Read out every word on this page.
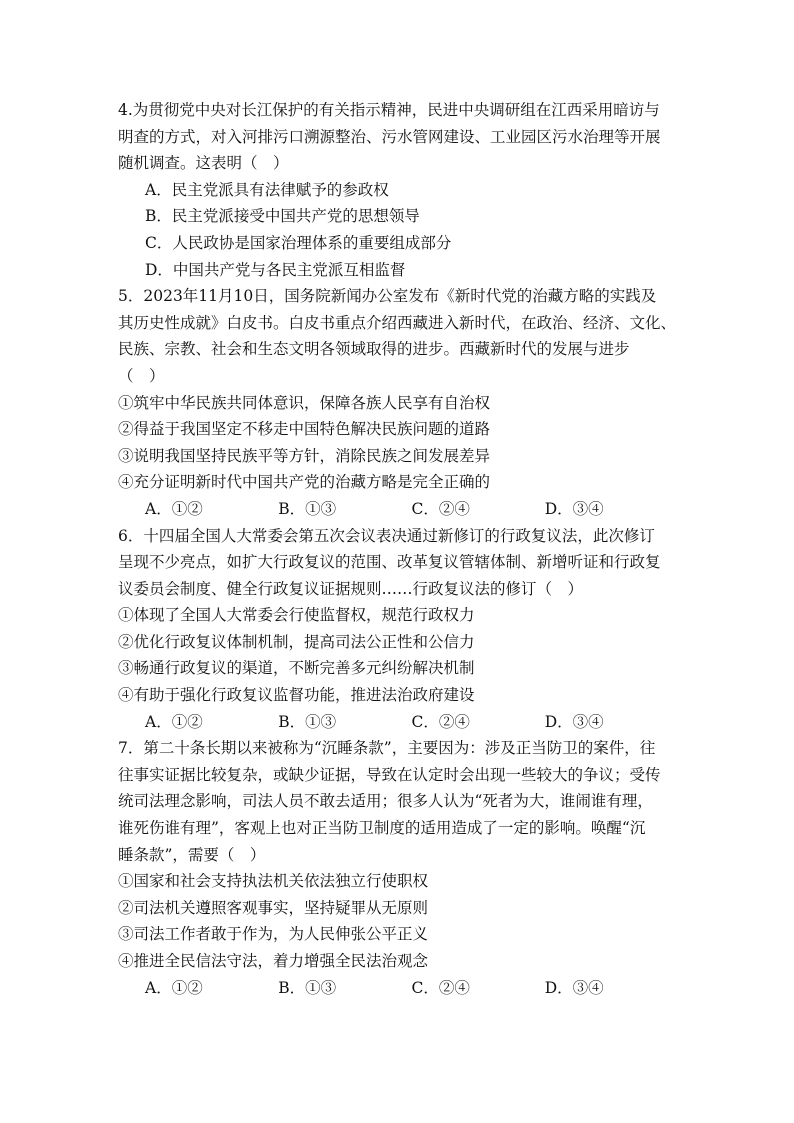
4.为贯彻党中央对长江保护的有关指示精神，民进中央调研组在江西采用暗访与

明查的方式，对入河排污口溯源整治、污水管网建设、工业园区污水治理等开展

随机调查。这表明（　）

A．民主党派具有法律赋予的参政权

B．民主党派接受中国共产党的思想领导

C．人民政协是国家治理体系的重要组成部分

D．中国共产党与各民主党派互相监督

5．2023年11月10日，国务院新闻办公室发布《新时代党的治藏方略的实践及

其历史性成就》白皮书。白皮书重点介绍西藏进入新时代，在政治、经济、文化、

民族、宗教、社会和生态文明各领域取得的进步。西藏新时代的发展与进步

（　）

①筑牢中华民族共同体意识，保障各族人民享有自治权

②得益于我国坚定不移走中国特色解决民族问题的道路

③说明我国坚持民族平等方针，消除民族之间发展差异

④充分证明新时代中国共产党的治藏方略是完全正确的

A．①②	B．①③	C．②④	D．③④

6．十四届全国人大常委会第五次会议表决通过新修订的行政复议法，此次修订

呈现不少亮点，如扩大行政复议的范围、改革复议管辖体制、新增听证和行政复

议委员会制度、健全行政复议证据规则……行政复议法的修订（　）

①体现了全国人大常委会行使监督权，规范行政权力

②优化行政复议体制机制，提高司法公正性和公信力

③畅通行政复议的渠道，不断完善多元纠纷解决机制

④有助于强化行政复议监督功能，推进法治政府建设

A．①②	B．①③	C．②④	D．③④

7．第二十条长期以来被称为“沉睡条款”，主要因为：涉及正当防卫的案件，往

往事实证据比较复杂，或缺少证据，导致在认定时会出现一些较大的争议；受传

统司法理念影响，司法人员不敢去适用；很多人认为“死者为大，谁闹谁有理，

谁死伤谁有理”，客观上也对正当防卫制度的适用造成了一定的影响。唤醒“沉

睡条款”，需要（　）

①国家和社会支持执法机关依法独立行使职权

②司法机关遵照客观事实，坚持疑罪从无原则

③司法工作者敢于作为，为人民伸张公平正义

④推进全民信法守法，着力增强全民法治观念

A．①②	B．①③	C．②④	D．③④
